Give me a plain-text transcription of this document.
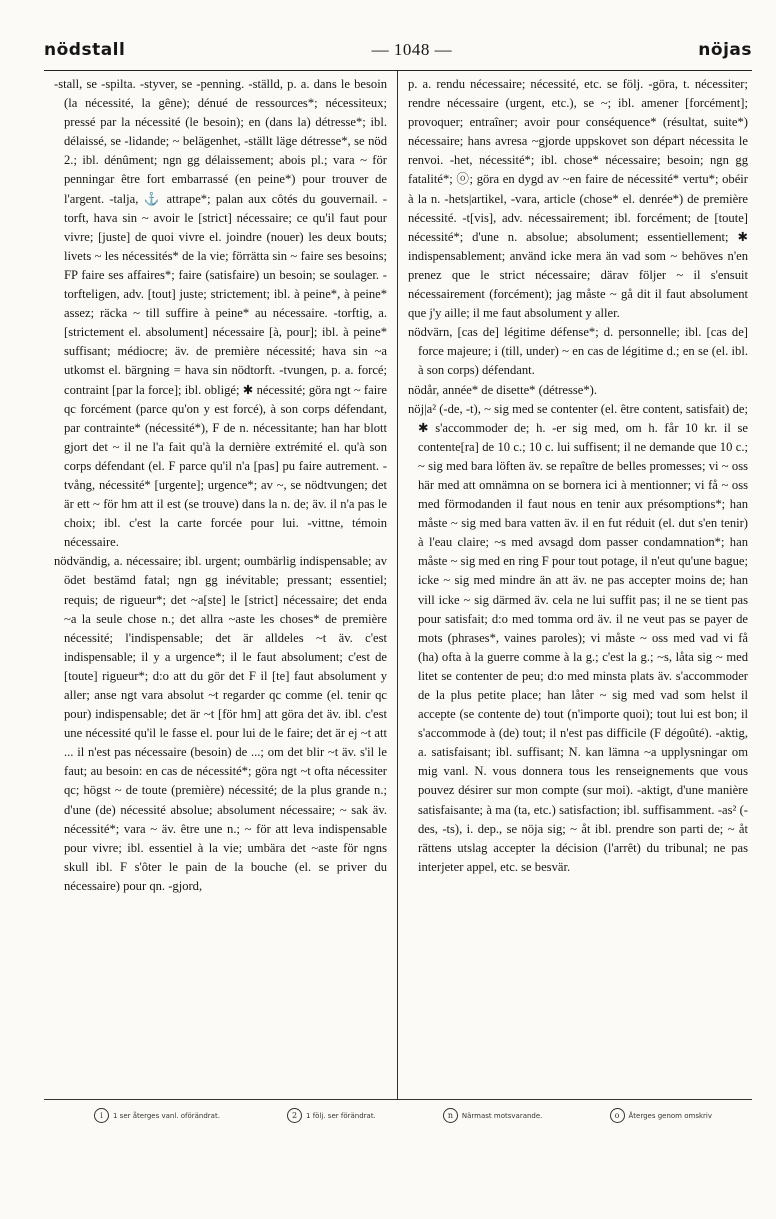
nödstall	— 1048 —	nöjas

-stall, se -spilta. -styver, se -penning. -ställd, p. a. dans le besoin (la nécessité, la gêne); dénué de ressources*; nécessiteux; pressé par la nécessité (le besoin); en (dans la) détresse*; ibl. délaissé, se -lidande; ~ belägenhet, -ställt läge détresse*, se nöd 2.; ibl. dénûment; ngn gg délaissement; abois pl.; vara ~ för penningar être fort embarrassé (en peine*) pour trouver de l'argent. -talja, ⚓ attrape*; palan aux côtés du gouvernail. -torft, hava sin ~ avoir le [strict] nécessaire; ce qu'il faut pour vivre; [juste] de quoi vivre el. joindre (nouer) les deux bouts; livets ~ les nécessités* de la vie; förrätta sin ~ faire ses besoins; FP faire ses affaires*; faire (satisfaire) un besoin; se soulager. -torfteligen, adv. [tout] juste; strictement; ibl. à peine*, à peine* assez; räcka ~ till suffire à peine* au nécessaire. -torftig, a. [strictement el. absolument] nécessaire [à, pour]; ibl. à peine* suffisant; médiocre; äv. de première nécessité; hava sin ~a utkomst el. bärgning = hava sin nödtorft. -tvungen, p. a. forcé; contraint [par la force]; ibl. obligé; ✱ nécessité; göra ngt ~ faire qc forcément (parce qu'on y est forcé), à son corps défendant, par contrainte* (nécessité*), F de n. nécessitante; han har blott gjort det ~ il ne l'a fait qu'à la dernière extrémité el. qu'à son corps défendant (el. F parce qu'il n'a [pas] pu faire autrement. -tvång, nécessité* [urgente]; urgence*; av ~, se nödtvungen; det är ett ~ för hm att il est (se trouve) dans la n. de; äv. il n'a pas le choix; ibl. c'est la carte forcée pour lui. -vittne, témoin nécessaire.

nödvändig, a. nécessaire; ibl. urgent; oumbärlig indispensable; av ödet bestämd fatal; ngn gg inévitable; pressant; essentiel; requis; de rigueur*; det ~a[ste] le [strict] nécessaire; det enda ~a la seule chose n.; det allra ~aste les choses* de première nécessité; l'indispensable; det är alldeles ~t äv. c'est indispensable; il y a urgence*; il le faut absolument; c'est de [toute] rigueur*; d:o att du gör det F il [te] faut absolument y aller; anse ngt vara absolut ~t regarder qc comme (el. tenir qc pour) indispensable; det är ~t [för hm] att göra det äv. ibl. c'est une nécessité qu'il le fasse el. pour lui de le faire; det är ej ~t att ... il n'est pas nécessaire (besoin) de ...; om det blir ~t äv. s'il le faut; au besoin: en cas de nécessité*; göra ngt ~t ofta nécessiter qc; högst ~ de toute (première) nécessité; de la plus grande n.; d'une (de) nécessité absolue; absolument nécessaire; ~ sak äv. nécessité*; vara ~ äv. être une n.; ~ för att leva indispensable pour vivre; ibl. essentiel à la vie; umbära det ~aste för ngns skull ibl. F s'ôter le pain de la bouche (el. se priver du nécessaire) pour qn. -gjord,

p. a. rendu nécessaire; nécessité, etc. se följ. -göra, t. nécessiter; rendre nécessaire (urgent, etc.), se ~; ibl. amener [forcément]; provoquer; entraîner; avoir pour conséquence* (résultat, suite*) nécessaire; hans avresa ~gjorde uppskovet son départ nécessita le renvoi. -het, nécessité*; ibl. chose* nécessaire; besoin; ngn gg fatalité*; ⓞ; göra en dygd av ~en faire de nécessité* vertu*; obéir à la n. -hets|artikel, -vara, article (chose* el. denrée*) de première nécessité. -t[vis], adv. nécessairement; ibl. forcément; de [toute] nécessité*; d'une n. absolue; absolument; essentiellement; ✱ indispensablement; använd icke mera än vad som ~ behöves n'en prenez que le strict nécessaire; därav följer ~ il s'ensuit nécessairement (forcément); jag måste ~ gå dit il faut absolument que j'y aille; il me faut absolument y aller.

nödvärn, [cas de] légitime défense*; d. personnelle; ibl. [cas de] force majeure; i (till, under) ~ en cas de légitime d.; en se (el. ibl. à son corps) défendant.

nödår, année* de disette* (détresse*).

nöj|a² (-de, -t), ~ sig med se contenter (el. être content, satisfait) de; ✱ s'accommoder de; h. -er sig med, om h. får 10 kr. il se contente[ra] de 10 c.; 10 c. lui suffisent; il ne demande que 10 c.; ~ sig med bara löften äv. se repaître de belles promesses; vi ~ oss här med att omnämna on se bornera ici à mentionner; vi få ~ oss med förmodanden il faut nous en tenir aux présomptions*; han måste ~ sig med bara vatten äv. il en fut réduit (el. dut s'en tenir) à l'eau claire; ~s med avsagd dom passer condamnation*; han måste ~ sig med en ring F pour tout potage, il n'eut qu'une bague; icke ~ sig med mindre än att äv. ne pas accepter moins de; han vill icke ~ sig därmed äv. cela ne lui suffit pas; il ne se tient pas pour satisfait; d:o med tomma ord äv. il ne veut pas se payer de mots (phrases*, vaines paroles); vi måste ~ oss med vad vi få (ha) ofta à la guerre comme à la g.; c'est la g.; ~s, låta sig ~ med litet se contenter de peu; d:o med minsta plats äv. s'accommoder de la plus petite place; han låter ~ sig med vad som helst il accepte (se contente de) tout (n'importe quoi); tout lui est bon; il s'accommode à (de) tout; il n'est pas difficile (F dégoûté). -aktig, a. satisfaisant; ibl. suffisant; N. kan lämna ~a upplysningar om mig vanl. N. vous donnera tous les renseignements que vous pouvez désirer sur mon compte (sur moi). -aktigt, d'une manière satisfaisante; à ma (ta, etc.) satisfaction; ibl. suffisamment. -as² (-des, -ts), i. dep., se nöja sig; ~ åt ibl. prendre son parti de; ~ åt rättens utslag accepter la décision (l'arrêt) du tribunal; ne pas interjeter appel, etc. se besvär.

i	1 ser återges vanl. oförändrat.	2	1 följ. ser förändrat.	n	Närmast motsvarande.	o	Återges genom omskriv
